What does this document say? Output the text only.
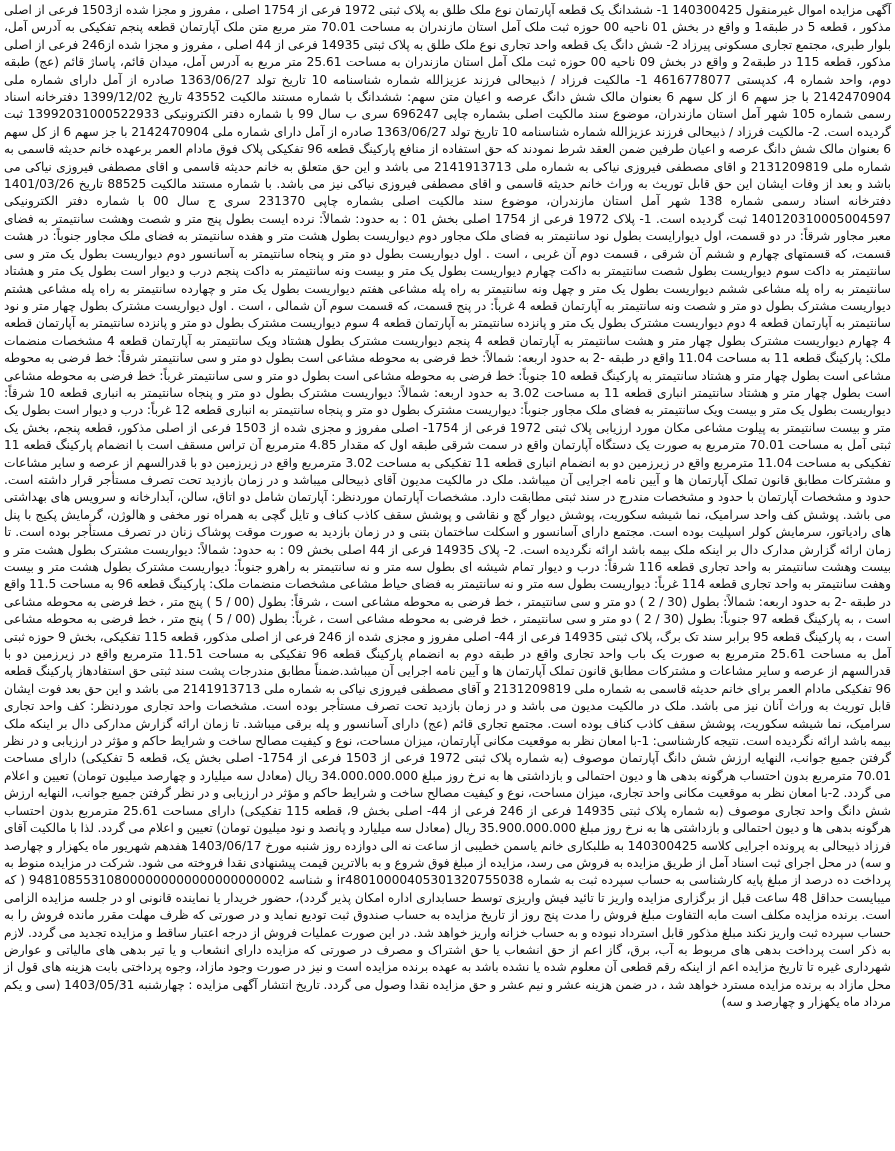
آگهی مزایده اموال غیرمنقول 140300425 1- ششدانگ یک قطعه آپارتمان نوع ملک طلق به پلاک ثبتی 1972 فرعی از 1754 اصلی ، مفروز و مجزا شده از1503 فرعی از اصلی مذکور ، قطعه 5 در طبقه1 و واقع در بخش 01 ناحیه 00 حوزه ثبت ملک آمل استان مازندران به مساحت 70.01 متر مربع متن ملک آپارتمان قطعه پنجم تفکیکی به آدرس آمل، بلوار طبری، مجتمع تجاری مسکونی پیرزاد 2- شش دانگ یک قطعه واحد تجاری نوع ملک طلق به پلاک ثبتی 14935 فرعی از 44 اصلی ، مفروز و مجزا شده از246 فرعی از اصلی مذکور، قطعه 115 در طبقه2 و واقع در بخش 09 ناحیه 00 حوزه ثبت ملک آمل استان مازندران به مساحت 25.61 متر مربع به آدرس آمل، میدان قائم، پاساژ قائم (عج) طبقه دوم، واحد شماره 4، کدپستی 4616778077 1- مالکیت فرزاد / ذبیحالی فرزند عزیزالله شماره شناسنامه 10 تاریخ تولد 1363/06/27 صادره از آمل دارای شماره ملی 2142470904 با جز سهم 6 از کل سهم 6 بعنوان مالک شش دانگ عرصه و اعیان متن سهم: ششدانگ با شماره مستند مالکیت 43552 تاریخ 1399/12/02 دفترخانه اسناد رسمی شماره 105 شهر آمل استان مازندران، موضوع سند مالکیت اصلی بشماره چاپی 696247 سری ب سال 99 با شماره دفتر الکترونیکی 13992031000522933 ثبت گردیده است. 2- مالکیت فرزاد / ذبیحالی فرزند عزیزالله شماره شناسنامه 10 تاریخ تولد 1363/06/27 صادره از آمل دارای شماره ملی 2142470904 با جز سهم 6 از کل سهم 6 بعنوان مالک شش دانگ عرصه و اعیان طرفین ضمن العقد شرط نمودند که حق استفاده از منافع پارکینگ قطعه 96 تفکیکی پلاک فوق مادام العمر برعهده خانم حدیثه قاسمی به شماره ملی 2131209819 و اقای مصطفی فیروزی نیاکی به شماره ملی 2141913713 می باشد و این حق متعلق به خانم حدیثه قاسمی و اقای مصطفی فیروزی نیاکی می باشد و بعد از وفات ایشان این حق قابل توریث به وراث خانم حدیثه قاسمی و اقای مصطفی فیروزی نیاکی نیز می باشد. با شماره مستند مالکیت 88525 تاریخ 1401/03/26 دفترخانه اسناد رسمی شماره 138 شهر آمل استان مازندران، موضوع سند مالکیت اصلی بشماره چاپی 231370 سری ج سال 00 با شماره دفتر الکترونیکی 140120310005004597 ثبت گردیده است. 1- پلاک 1972 فرعی از 1754 اصلی بخش 01 : به حدود: شمالاً: نرده ایست بطول پنج متر و شصت وهشت سانتیمتر به فضای معبر مجاور شرقاً: در دو قسمت، اول دیوارایست بطول نود سانتیمتر به فضای ملک مجاور دوم دیواریست بطول هشت متر و هفده سانتیمتر به فضای ملک مجاور جنوباً: در هشت قسمت، که قسمتهای چهارم و ششم آن شرقی ، قسمت دوم آن غربی ، است . اول دیواریست بطول دو متر و پنجاه سانتیمتر به آسانسور دوم دیواریست بطول یک متر و سی سانتیمتر به داکت سوم دیواریست بطول شصت سانتیمتر به داکت چهارم دیواریست بطول یک متر و بیست ونه سانتیمتر به داکت پنجم درب و دیوار است بطول یک متر و هشتاد سانتیمتر به راه پله مشاعی ششم دیواریست بطول یک متر و چهل ونه سانتیمتر به راه پله مشاعی هفتم دیواریست بطول یک متر و چهارده سانتیمتر به راه پله مشاعی هشتم دیواریست مشترک بطول دو متر و شصت ونه سانتیمتر به آپارتمان قطعه 4 غرباً: در پنج قسمت، که قسمت سوم آن شمالی ، است . اول دیواریست مشترک بطول چهار متر و نود سانتیمتر به آپارتمان قطعه 4 دوم دیواریست مشترک بطول یک متر و پانزده سانتیمتر به آپارتمان قطعه 4 سوم دیواریست مشترک بطول دو متر و پانزده سانتیمتر به آپارتمان قطعه 4 چهارم دیواریست مشترک بطول چهار متر و هشت سانتیمتر به آپارتمان قطعه 4 پنجم دیواریست مشترک بطول هشتاد ویک سانتیمتر به آپارتمان قطعه 4 مشخصات منضمات ملک: پارکینگ قطعه 11 به مساحت 11.04 واقع در طبقه -2 به حدود اربعه: شمالاً: خط فرضی به محوطه مشاعی است بطول دو متر و سی سانتیمتر شرقاً: خط فرضی به محوطه مشاعی است بطول چهار متر و هشتاد سانتیمتر به پارکینگ قطعه 10 جنوباً: خط فرضی به محوطه مشاعی است بطول دو متر و سی سانتیمتر غرباً: خط فرضی به محوطه مشاعی است بطول چهار متر و هشتاد سانتیمتر انباری قطعه 11 به مساحت 3.02 به حدود اربعه: شمالاً: دیواریست مشترک بطول دو متر و پنجاه سانتیمتر به انباری قطعه 10 شرقاً: دیواریست بطول یک متر و بیست ویک سانتیمتر به فضای ملک مجاور جنوباً: دیواریست مشترک بطول دو متر و پنجاه سانتیمتر به انباری قطعه 12 غرباً: درب و دیوار است بطول یک متر و بیست سانتیمتر به پیلوت مشاعی مکان مورد ارزیابی پلاک ثبتی 1972 فرعی از 1754- اصلی مفروز و مجزی شده از 1503 فرعی از اصلی مذکور، قطعه پنجم، بخش یک ثبتی آمل به مساحت 70.01 مترمربع به صورت یک دستگاه آپارتمان واقع در سمت شرقی طبقه اول که مقدار 4.85 مترمربع آن تراس مسقف است با انضمام پارکینگ قطعه 11 تفکیکی به مساحت 11.04 مترمربع واقع در زیرزمین دو به انضمام انباری قطعه 11 تفکیکی به مساحت 3.02 مترمربع واقع در زیرزمین دو با قدرالسهم از عرصه و سایر مشاعات و مشترکات مطابق قانون تملک آپارتمان ها و آیین نامه اجرایی آن میباشد. ملک در مالکیت مدیون آقای ذبیحالی میباشد و در زمان بازدید تحت تصرف مستأجر قرار داشته است. حدود و مشخصات آپارتمان با حدود و مشخصات مندرج در سند ثبتی مطابقت دارد. مشخصات آپارتمان موردنظر: آپارتمان شامل دو اتاق، سالن، آبدارخانه و سرویس های بهداشتی می باشد. پوشش کف واحد سرامیک، نما شیشه سکوریت، پوشش دیوار گچ و نقاشی و پوشش سقف کاذب کناف و تایل گچی به همراه نور مخفی و هالوژن، گرمایش پکیج با پنل های رادیاتور، سرمایش کولر اسپلیت بوده است. مجتمع دارای آسانسور و اسکلت ساختمان بتنی و در زمان بازدید به صورت موقت پوشاک زنان در تصرف مستأجر بوده است. تا زمان ارائه گزارش مدارک دال بر اینکه ملک بیمه باشد ارائه نگردیده است. 2- پلاک 14935 فرعی از 44 اصلی بخش 09 : به حدود: شمالاً: دیواریست مشترک بطول هشت متر و بیست وهشت سانتیمتر به واحد تجاری قطعه 116 شرقاً: درب و دیوار تمام شیشه ای بطول سه متر و نه سانتیمتر به راهرو جنوباً: دیواریست مشترک بطول هشت متر و بیست وهفت سانتیمتر به واحد تجاری قطعه 114 غرباً: دیواریست بطول سه متر و نه سانتیمتر به فضای حیاط مشاعی مشخصات منضمات ملک: پارکینگ قطعه 96 به مساحت 11.5 واقع در طبقه -2 به حدود اربعه: شمالاً: بطول (30 / 2 ) دو متر و سی سانتیمتر ، خط فرضی به محوطه مشاعی است ، شرقاً: بطول (00 / 5 ) پنج متر ، خط فرضی به محوطه مشاعی است ، به پارکینگ قطعه 97 جنوباً: بطول (30 / 2 ) دو متر و سی سانتیمتر ، خط فرضی به محوطه مشاعی است ، غرباً: بطول (00 / 5 ) پنج متر ، خط فرضی به محوطه مشاعی است ، به پارکینگ قطعه 95 برابر سند تک برگ، پلاک ثبتی 14935 فرعی از 44- اصلی مفروز و مجزی شده از 246 فرعی از اصلی مذکور، قطعه 115 تفکیکی، بخش 9 حوزه ثبتی آمل به مساحت 25.61 مترمربع به صورت یک باب واحد تجاری واقع در طبقه دوم به انضمام پارکینگ قطعه 96 تفکیکی به مساحت 11.51 مترمربع واقع در زیرزمین دو با قدرالسهم از عرصه و سایر مشاعات و مشترکات مطابق قانون تملک آپارتمان ها و آیین نامه اجرایی آن میباشد.ضمناً مطابق مندرجات پشت سند ثبتی حق استفادهاز پارکینگ قطعه 96 تفکیکی مادام العمر برای خانم حدیثه قاسمی به شماره ملی 2131209819 و آقای مصطفی فیروزی نیاکی به شماره ملی 2141913713 می باشد و این حق بعد فوت ایشان قابل توریث به وراث آنان نیز می باشد. ملک در مالکیت مدیون می باشد و در زمان بازدید تحت تصرف مستأجر بوده است. مشخصات واحد تجاری موردنظر: کف واحد تجاری سرامیک، نما شیشه سکوریت، پوشش سقف کاذب کناف بوده است. مجتمع تجاری قائم (عج) دارای آسانسور و پله برقی میباشد. تا زمان ارائه گزارش مدارکی دال بر اینکه ملک بیمه باشد ارائه نگردیده است. نتیجه کارشناسی: 1-با امعان نظر به موقعیت مکانی آپارتمان، میزان مساحت، نوع و کیفیت مصالح ساخت و شرایط حاکم و مؤثر در ارزیابی و در نظر گرفتن جمیع جوانب، النهایه ارزش شش دانگ آپارتمان موصوف (به شماره پلاک ثبتی 1972 فرعی از 1503 فرعی از 1754- اصلی بخش یک، قطعه 5 تفکیکی) دارای مساحت 70.01 مترمربع بدون احتساب هرگونه بدهی ها و دیون احتمالی و بازداشتی ها به نرخ روز مبلغ 34.000.000.000 ریال (معادل سه میلیارد و چهارصد میلیون تومان) تعیین و اعلام می گردد. 2-با امعان نظر به موقعیت مکانی واحد تجاری، میزان مساحت، نوع و کیفیت مصالح ساخت و شرایط حاکم و مؤثر در ارزیابی و در نظر گرفتن جمیع جوانب، النهایه ارزش شش دانگ واحد تجاری موصوف (به شماره پلاک ثبتی 14935 فرعی از 246 فرعی از 44- اصلی بخش 9، قطعه 115 تفکیکی) دارای مساحت 25.61 مترمربع بدون احتساب هرگونه بدهی ها و دیون احتمالی و بازداشتی ها به نرخ روز مبلغ 35.900.000.000 ریال (معادل سه میلیارد و پانصد و نود میلیون تومان) تعیین و اعلام می گردد. لذا با مالکیت آقای فرزاد ذبیحالی به پرونده اجرایی کلاسه 140300425 به طلبکاری خانم یاسمن خطیبی از ساعت نه الی دوازده روز شنبه مورخ 1403/06/17 هفدهم شهریور ماه یکهزار و چهارصد و سه) در محل اجرای ثبت اسناد آمل از طریق مزایده به فروش می رسد، مزایده از مبلغ فوق شروع و به بالاترین قیمت پیشنهادی نقدا فروخته می شود. شرکت در مزایده منوط به پرداخت ده درصد از مبلغ پایه کارشناسی به حساب سپرده ثبت به شماره ir48010000405301320755038 و شناسه 948108553108000000000000000000002 ( که میبایست حداقل 48 ساعت قبل از برگزاری مزایده واریز تا تائید فیش واریزی توسط حسابداری اداره امکان پذیر گردد)، حضور خریدار یا نماینده قانونی او در جلسه مزایده الزامی است. برنده مزایده مکلف است مابه التفاوت مبلغ فروش را مدت پنج روز از تاریخ مزایده به حساب صندوق ثبت تودیع نماید و در صورتی که ظرف مهلت مقرر مانده فروش را به حساب سپرده ثبت واریز نکند مبلغ مذکور قابل استرداد نبوده و به حساب خزانه واریز خواهد شد. در این صورت عملیات فروش از درجه اعتبار ساقط و مزایده تجدید می گردد. لازم به ذکر است پرداخت بدهی های مربوط به آب، برق، گاز اعم از حق انشعاب یا حق اشتراک و مصرف در صورتی که مزایده دارای انشعاب و یا تیر بدهی های مالیاتی و عوارض شهرداری غیره تا تاریخ مزایده اعم از اینکه رقم قطعی آن معلوم شده یا نشده باشد به عهده برنده مزایده است و نیز در صورت وجود مازاد، وجوه پرداختی بابت هزینه های قول از محل مازاد به برنده مزایده مسترد خواهد شد ، در ضمن هزینه عشر و نیم عشر و حق مزایده نقدا وصول می گردد. تاریخ انتشار آگهی مزایده : چهارشنبه 1403/05/31 (سی و یکم مرداد ماه یکهزار و چهارصد و سه)
